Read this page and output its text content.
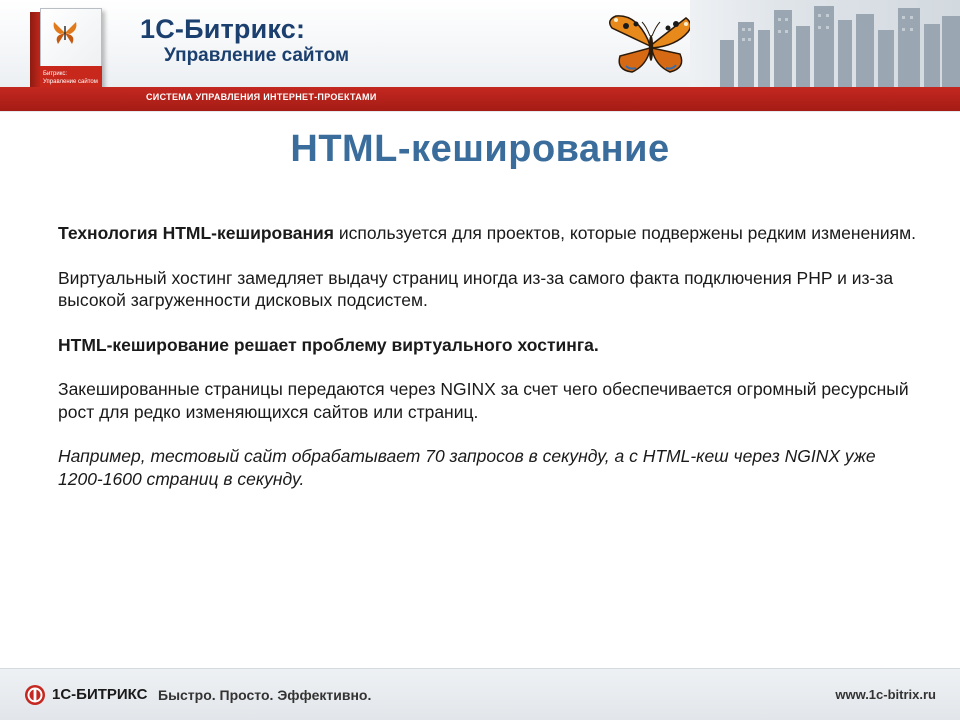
Битрикс: Управление сайтом
1С-Битрикс:
Управление сайтом
СИСТЕМА УПРАВЛЕНИЯ ИНТЕРНЕТ-ПРОЕКТАМИ
HTML-кеширование

Технология HTML-кеширования используется для проектов, которые подвержены редким изменениям.

Виртуальный хостинг замедляет выдачу страниц иногда из-за самого факта подключения PHP и из-за высокой загруженности дисковых подсистем.

HTML-кеширование решает проблему виртуального хостинга.

Закешированные страницы передаются через NGINX за счет чего обеспечивается огромный ресурсный рост для редко изменяющихся сайтов или страниц.

Например, тестовый сайт обрабатывает 70 запросов в секунду, а с HTML-кеш через NGINX уже 1200-1600 страниц в секунду.

1С-БИТРИКС Быстро. Просто. Эффективно.	www.1c-bitrix.ru
